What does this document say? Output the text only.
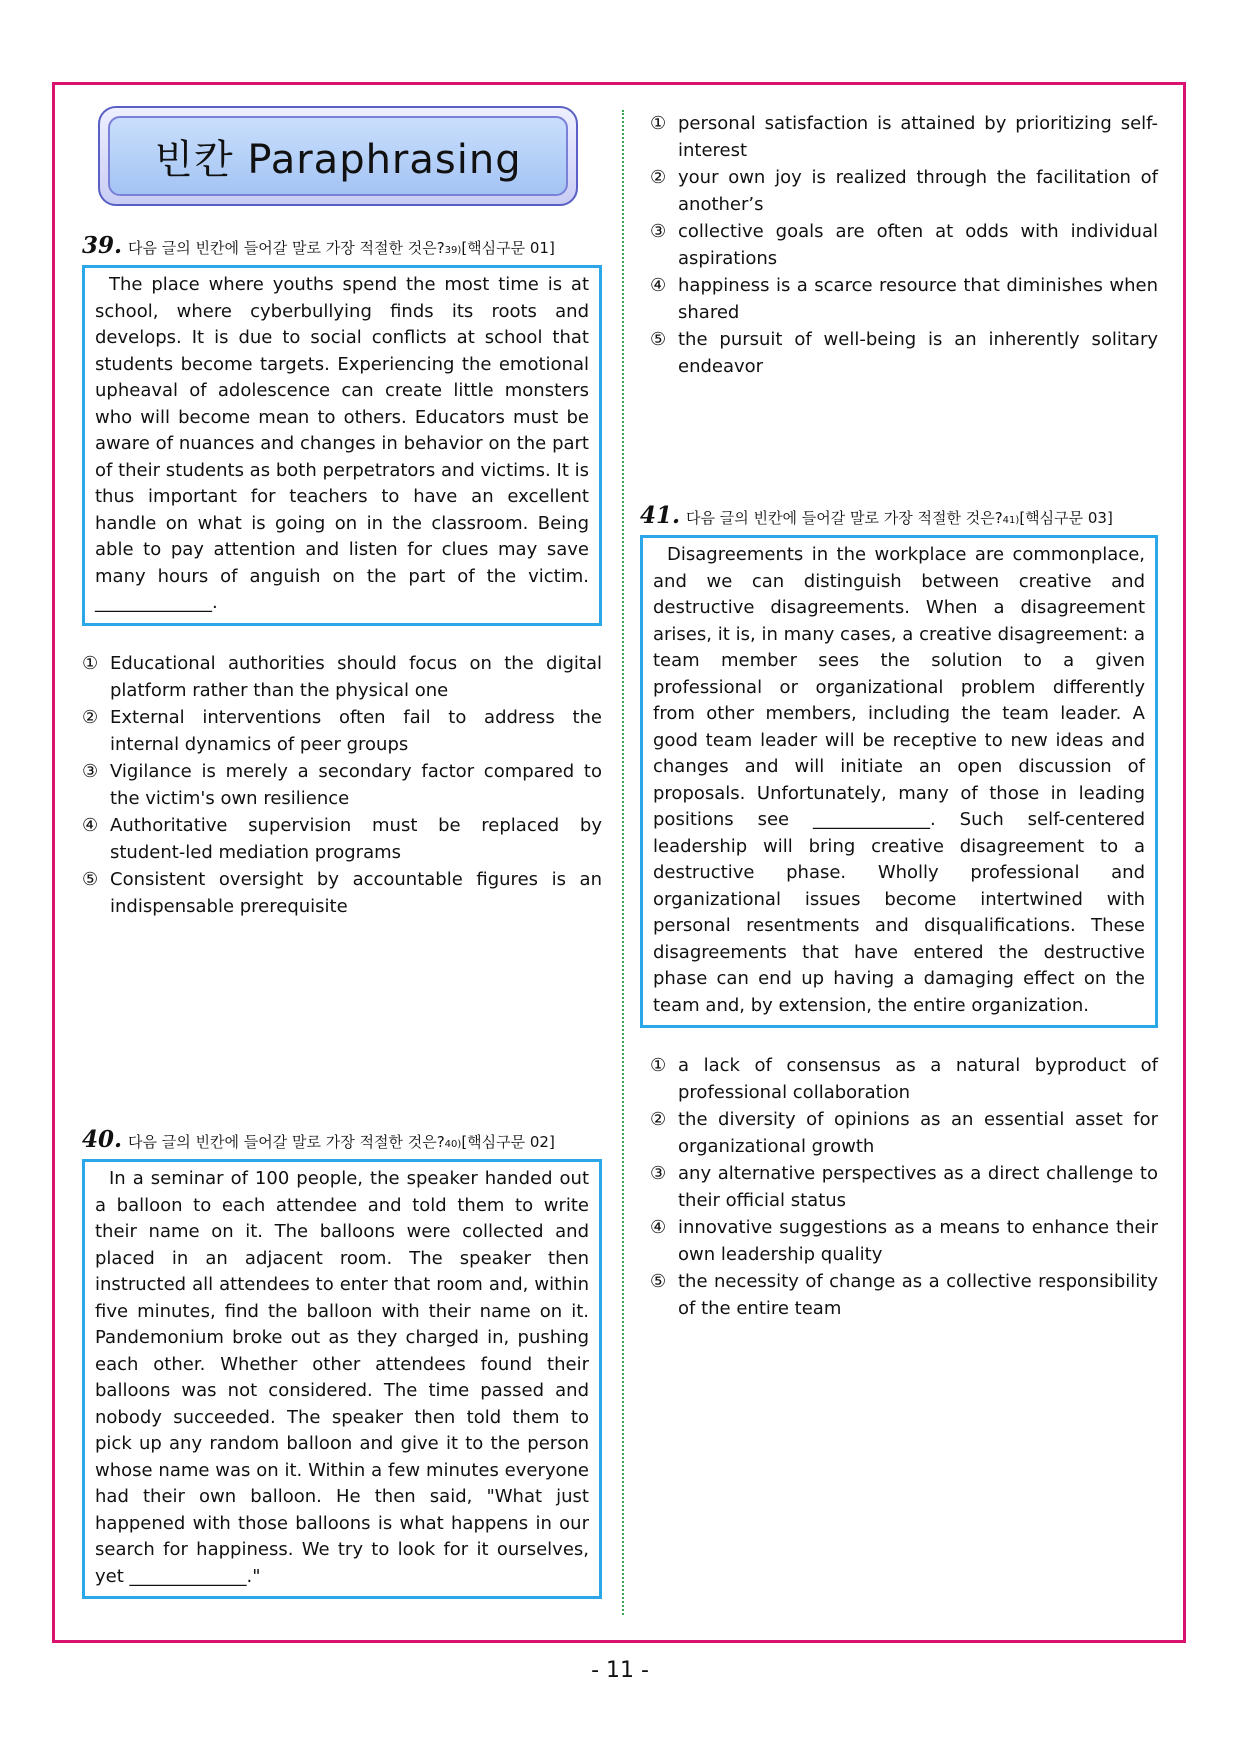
빈칸 Paraphrasing
39. 다음 글의 빈칸에 들어갈 말로 가장 적절한 것은? 39) [핵심구문 01]
The place where youths spend the most time is at school, where cyberbullying finds its roots and develops. It is due to social conflicts at school that students become targets. Experiencing the emotional upheaval of adolescence can create little monsters who will become mean to others. Educators must be aware of nuances and changes in behavior on the part of their students as both perpetrators and victims. It is thus important for teachers to have an excellent handle on what is going on in the classroom. Being able to pay attention and listen for clues may save many hours of anguish on the part of the victim. _____________.
① Educational authorities should focus on the digital platform rather than the physical one
② External interventions often fail to address the internal dynamics of peer groups
③ Vigilance is merely a secondary factor compared to the victim's own resilience
④ Authoritative supervision must be replaced by student-led mediation programs
⑤ Consistent oversight by accountable figures is an indispensable prerequisite
40. 다음 글의 빈칸에 들어갈 말로 가장 적절한 것은? 40) [핵심구문 02]
In a seminar of 100 people, the speaker handed out a balloon to each attendee and told them to write their name on it. The balloons were collected and placed in an adjacent room. The speaker then instructed all attendees to enter that room and, within five minutes, find the balloon with their name on it. Pandemonium broke out as they charged in, pushing each other. Whether other attendees found their balloons was not considered. The time passed and nobody succeeded. The speaker then told them to pick up any random balloon and give it to the person whose name was on it. Within a few minutes everyone had their own balloon. He then said, "What just happened with those balloons is what happens in our search for happiness. We try to look for it ourselves, yet _____________."
① personal satisfaction is attained by prioritizing self-interest
② your own joy is realized through the facilitation of another’s
③ collective goals are often at odds with individual aspirations
④ happiness is a scarce resource that diminishes when shared
⑤ the pursuit of well-being is an inherently solitary endeavor
41. 다음 글의 빈칸에 들어갈 말로 가장 적절한 것은? 41) [핵심구문 03]
Disagreements in the workplace are commonplace, and we can distinguish between creative and destructive disagreements. When a disagreement arises, it is, in many cases, a creative disagreement: a team member sees the solution to a given professional or organizational problem differently from other members, including the team leader. A good team leader will be receptive to new ideas and changes and will initiate an open discussion of proposals. Unfortunately, many of those in leading positions see _____________. Such self-centered leadership will bring creative disagreement to a destructive phase. Wholly professional and organizational issues become intertwined with personal resentments and disqualifications. These disagreements that have entered the destructive phase can end up having a damaging effect on the team and, by extension, the entire organization.
① a lack of consensus as a natural byproduct of professional collaboration
② the diversity of opinions as an essential asset for organizational growth
③ any alternative perspectives as a direct challenge to their official status
④ innovative suggestions as a means to enhance their own leadership quality
⑤ the necessity of change as a collective responsibility of the entire team
- 11 -
